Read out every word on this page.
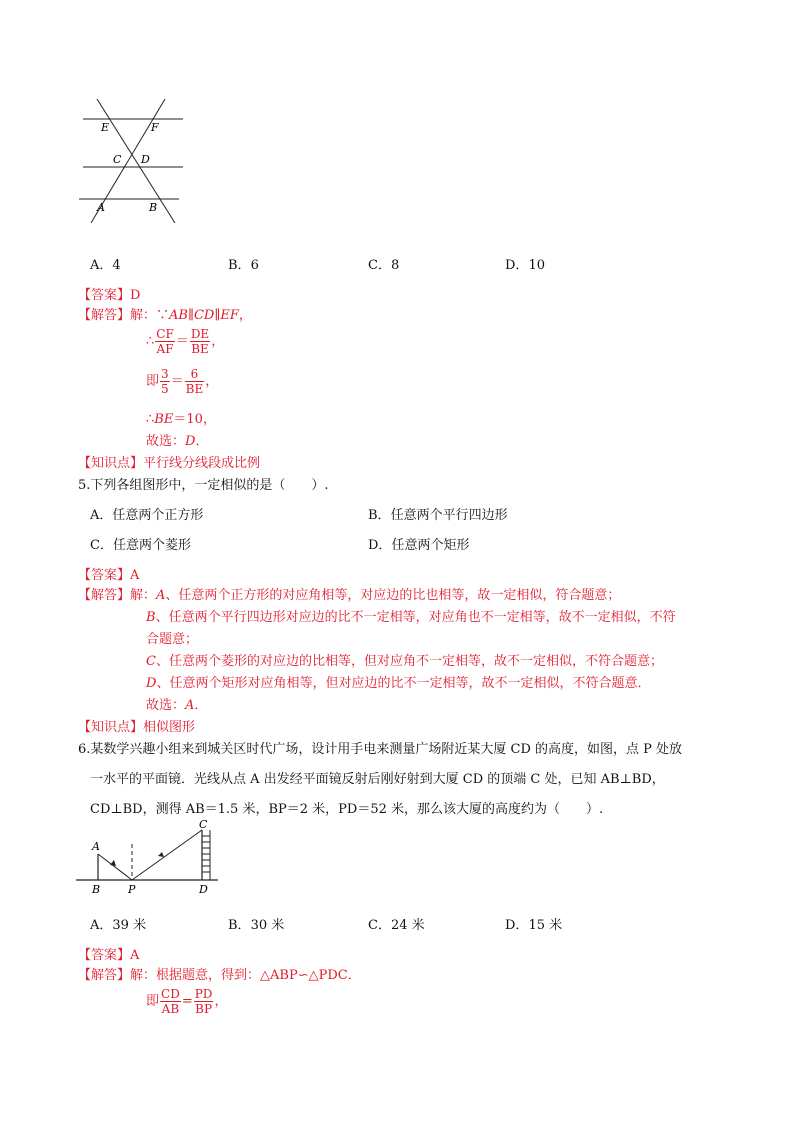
E	F
C D
A	B
A．4	B．6	C．8	D．10
【答案】D
【解答】解：∵AB∥CD∥EF，
∴ $\frac{CF}{AF} = \frac{DE}{BE}$ ，
即 $\frac{3}{5} = \frac{6}{BE}$ ，
∴BE＝10，
故选：D．
【知识点】平行线分线段成比例
5.下列各组图形中，一定相似的是（　　）.
A．任意两个正方形	B．任意两个平行四边形
C．任意两个菱形	D．任意两个矩形
【答案】A
【解答】解：A、任意两个正方形的对应角相等，对应边的比也相等，故一定相似，符合题意；
B、任意两个平行四边形对应边的比不一定相等，对应角也不一定相等，故不一定相似，不符
合题意；
C、任意两个菱形的对应边的比相等，但对应角不一定相等，故不一定相似，不符合题意；
D、任意两个矩形对应角相等，但对应边的比不一定相等，故不一定相似，不符合题意．
故选：A．
【知识点】相似图形
6.某数学兴趣小组来到城关区时代广场，设计用手电来测量广场附近某大厦 CD 的高度，如图，点 P 处放
一水平的平面镜．光线从点 A 出发经平面镜反射后刚好射到大厦 CD 的顶端 C 处，已知 AB⊥BD，
CD⊥BD，测得 AB＝1.5 米，BP＝2 米，PD＝52 米，那么该大厦的高度约为（　　）.
A
B	P
C
D
A．39 米	B．30 米	C．24 米	D．15 米
【答案】A
【解答】解：根据题意，得到：△ABP∽△PDC．
即 $\frac{CD}{AB} = \frac{PD}{BP}$ ，
